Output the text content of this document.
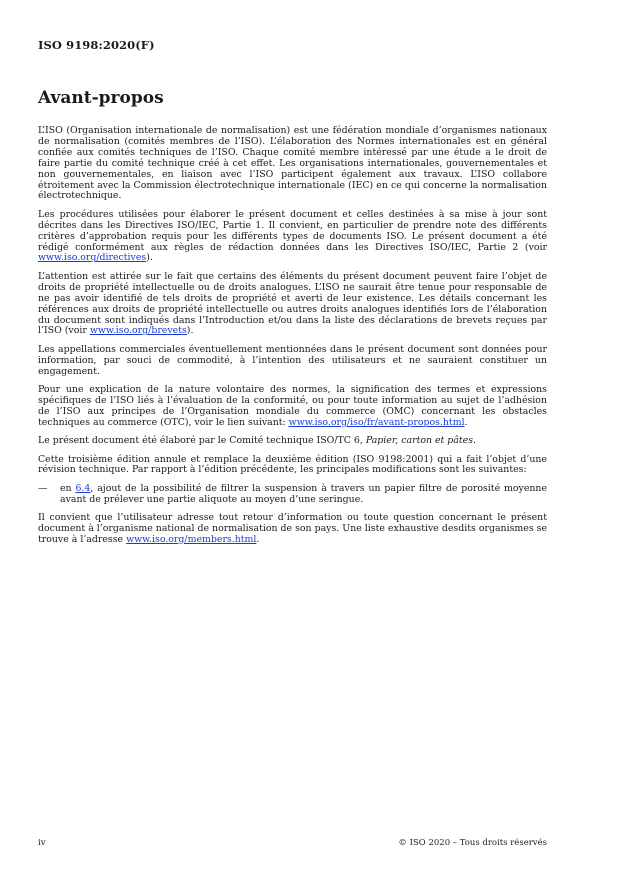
ISO 9198:2020(F)
Avant-propos

L’ISO (Organisation internationale de normalisation) est une fédération mondiale d’organismes nationaux de normalisation (comités membres de l’ISO). L’élaboration des Normes internationales est en général confiée aux comités techniques de l’ISO. Chaque comité membre intéressé par une étude a le droit de faire partie du comité technique créé à cet effet. Les organisations internationales, gouvernementales et non gouvernementales, en liaison avec l’ISO participent également aux travaux. L’ISO collabore étroitement avec la Commission électrotechnique internationale (IEC) en ce qui concerne la normalisation électrotechnique.

Les procédures utilisées pour élaborer le présent document et celles destinées à sa mise à jour sont décrites dans les Directives ISO/IEC, Partie 1. Il convient, en particulier de prendre note des différents critères d’approbation requis pour les différents types de documents ISO. Le présent document a été rédigé conformément aux règles de rédaction données dans les Directives ISO/IEC, Partie 2 (voir www.iso.org/directives).

L’attention est attirée sur le fait que certains des éléments du présent document peuvent faire l’objet de droits de propriété intellectuelle ou de droits analogues. L’ISO ne saurait être tenue pour responsable de ne pas avoir identifié de tels droits de propriété et averti de leur existence. Les détails concernant les références aux droits de propriété intellectuelle ou autres droits analogues identifiés lors de l’élaboration du document sont indiqués dans l’Introduction et/ou dans la liste des déclarations de brevets reçues par l’ISO (voir www.iso.org/brevets).

Les appellations commerciales éventuellement mentionnées dans le présent document sont données pour information, par souci de commodité, à l’intention des utilisateurs et ne sauraient constituer un engagement.

Pour une explication de la nature volontaire des normes, la signification des termes et expressions spécifiques de l’ISO liés à l’évaluation de la conformité, ou pour toute information au sujet de l’adhésion de l’ISO aux principes de l’Organisation mondiale du commerce (OMC) concernant les obstacles techniques au commerce (OTC), voir le lien suivant: www.iso.org/iso/fr/avant-propos.html.

Le présent document été élaboré par le Comité technique ISO/TC 6, Papier, carton et pâtes.

Cette troisième édition annule et remplace la deuxième édition (ISO 9198:2001) qui a fait l’objet d’une révision technique. Par rapport à l’édition précédente, les principales modifications sont les suivantes:

—	en 6.4, ajout de la possibilité de filtrer la suspension à travers un papier filtre de porosité moyenne avant de prélever une partie aliquote au moyen d’une seringue.

Il convient que l’utilisateur adresse tout retour d’information ou toute question concernant le présent document à l’organisme national de normalisation de son pays. Une liste exhaustive desdits organismes se trouve à l’adresse www.iso.org/members.html.

iv	© ISO 2020 – Tous droits réservés
